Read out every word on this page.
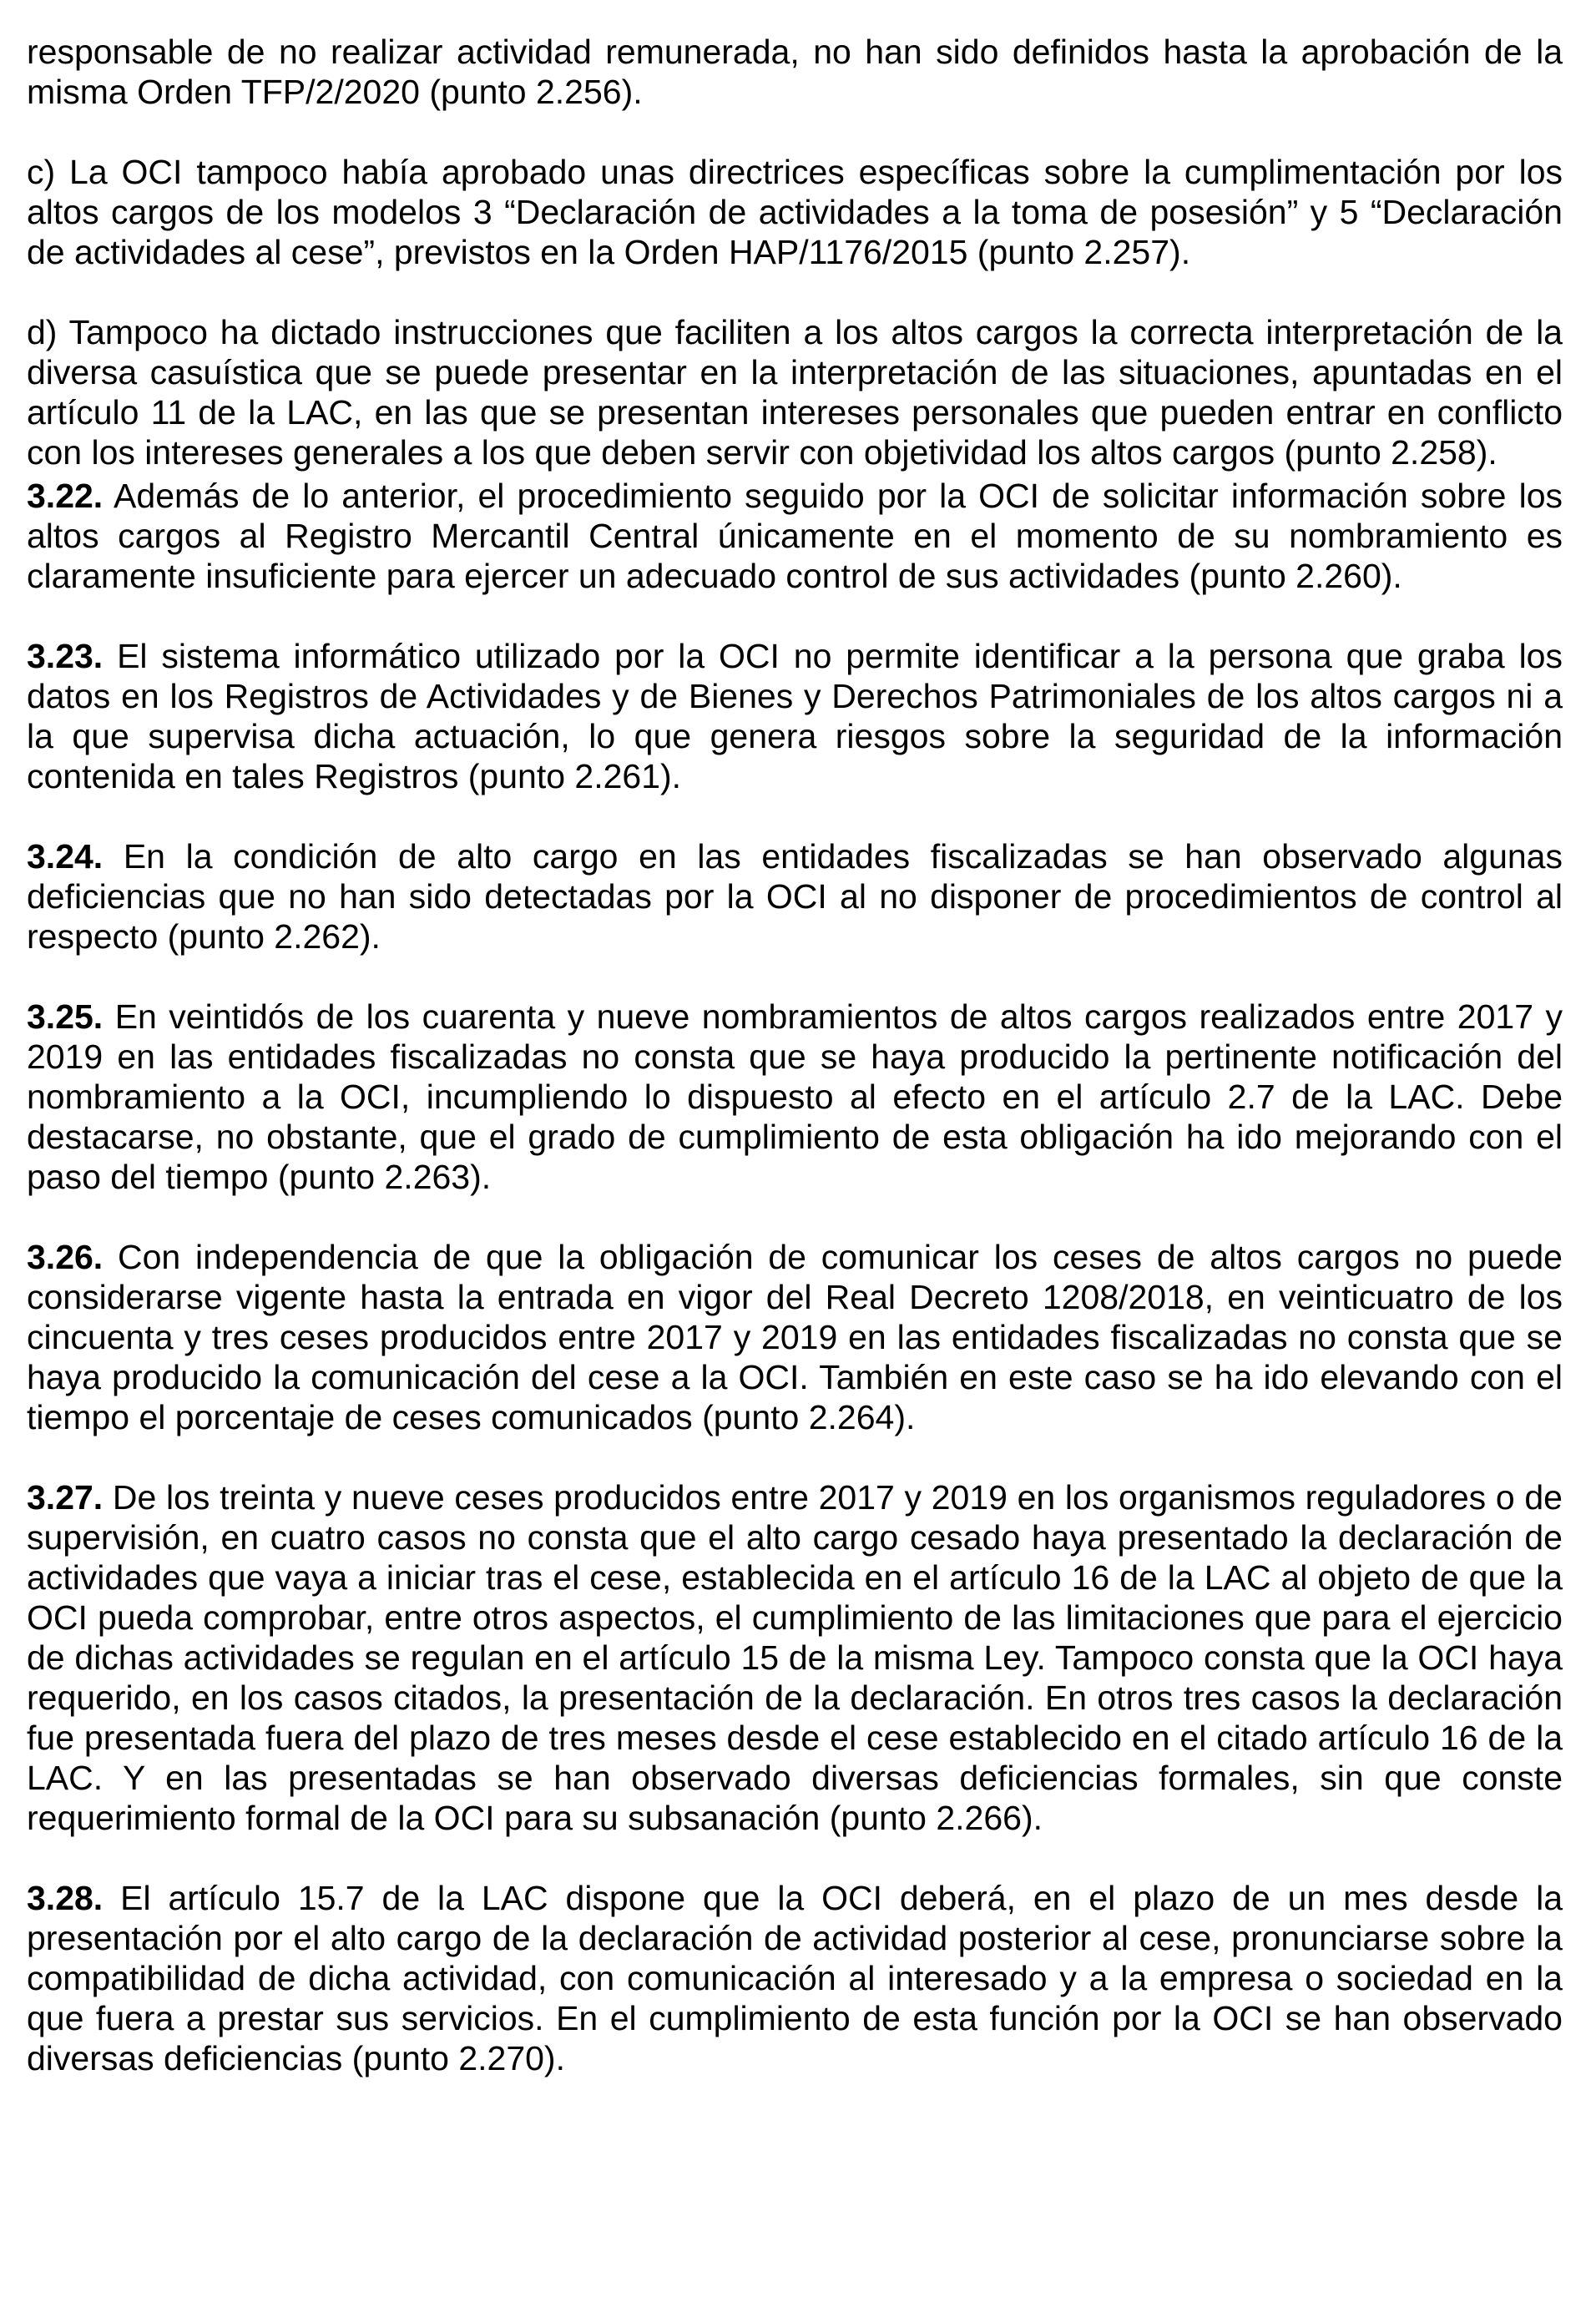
responsable de no realizar actividad remunerada, no han sido definidos hasta la aprobación de la misma Orden TFP/2/2020 (punto 2.256).

c) La OCI tampoco había aprobado unas directrices específicas sobre la cumplimentación por los altos cargos de los modelos 3 “Declaración de actividades a la toma de posesión” y 5 “Declaración de actividades al cese”, previstos en la Orden HAP/1176/2015 (punto 2.257).

d) Tampoco ha dictado instrucciones que faciliten a los altos cargos la correcta interpretación de la diversa casuística que se puede presentar en la interpretación de las situaciones, apuntadas en el artículo 11 de la LAC, en las que se presentan intereses personales que pueden entrar en conflicto con los intereses generales a los que deben servir con objetividad los altos cargos (punto 2.258).

3.22. Además de lo anterior, el procedimiento seguido por la OCI de solicitar información sobre los altos cargos al Registro Mercantil Central únicamente en el momento de su nombramiento es claramente insuficiente para ejercer un adecuado control de sus actividades (punto 2.260).

3.23. El sistema informático utilizado por la OCI no permite identificar a la persona que graba los datos en los Registros de Actividades y de Bienes y Derechos Patrimoniales de los altos cargos ni a la que supervisa dicha actuación, lo que genera riesgos sobre la seguridad de la información contenida en tales Registros (punto 2.261).

3.24. En la condición de alto cargo en las entidades fiscalizadas se han observado algunas deficiencias que no han sido detectadas por la OCI al no disponer de procedimientos de control al respecto (punto 2.262).

3.25. En veintidós de los cuarenta y nueve nombramientos de altos cargos realizados entre 2017 y 2019 en las entidades fiscalizadas no consta que se haya producido la pertinente notificación del nombramiento a la OCI, incumpliendo lo dispuesto al efecto en el artículo 2.7 de la LAC. Debe destacarse, no obstante, que el grado de cumplimiento de esta obligación ha ido mejorando con el paso del tiempo (punto 2.263).

3.26. Con independencia de que la obligación de comunicar los ceses de altos cargos no puede considerarse vigente hasta la entrada en vigor del Real Decreto 1208/2018, en veinticuatro de los cincuenta y tres ceses producidos entre 2017 y 2019 en las entidades fiscalizadas no consta que se haya producido la comunicación del cese a la OCI. También en este caso se ha ido elevando con el tiempo el porcentaje de ceses comunicados (punto 2.264).

3.27. De los treinta y nueve ceses producidos entre 2017 y 2019 en los organismos reguladores o de supervisión, en cuatro casos no consta que el alto cargo cesado haya presentado la declaración de actividades que vaya a iniciar tras el cese, establecida en el artículo 16 de la LAC al objeto de que la OCI pueda comprobar, entre otros aspectos, el cumplimiento de las limitaciones que para el ejercicio de dichas actividades se regulan en el artículo 15 de la misma Ley. Tampoco consta que la OCI haya requerido, en los casos citados, la presentación de la declaración. En otros tres casos la declaración fue presentada fuera del plazo de tres meses desde el cese establecido en el citado artículo 16 de la LAC. Y en las presentadas se han observado diversas deficiencias formales, sin que conste requerimiento formal de la OCI para su subsanación (punto 2.266).

3.28. El artículo 15.7 de la LAC dispone que la OCI deberá, en el plazo de un mes desde la presentación por el alto cargo de la declaración de actividad posterior al cese, pronunciarse sobre la compatibilidad de dicha actividad, con comunicación al interesado y a la empresa o sociedad en la que fuera a prestar sus servicios. En el cumplimiento de esta función por la OCI se han observado diversas deficiencias (punto 2.270).
